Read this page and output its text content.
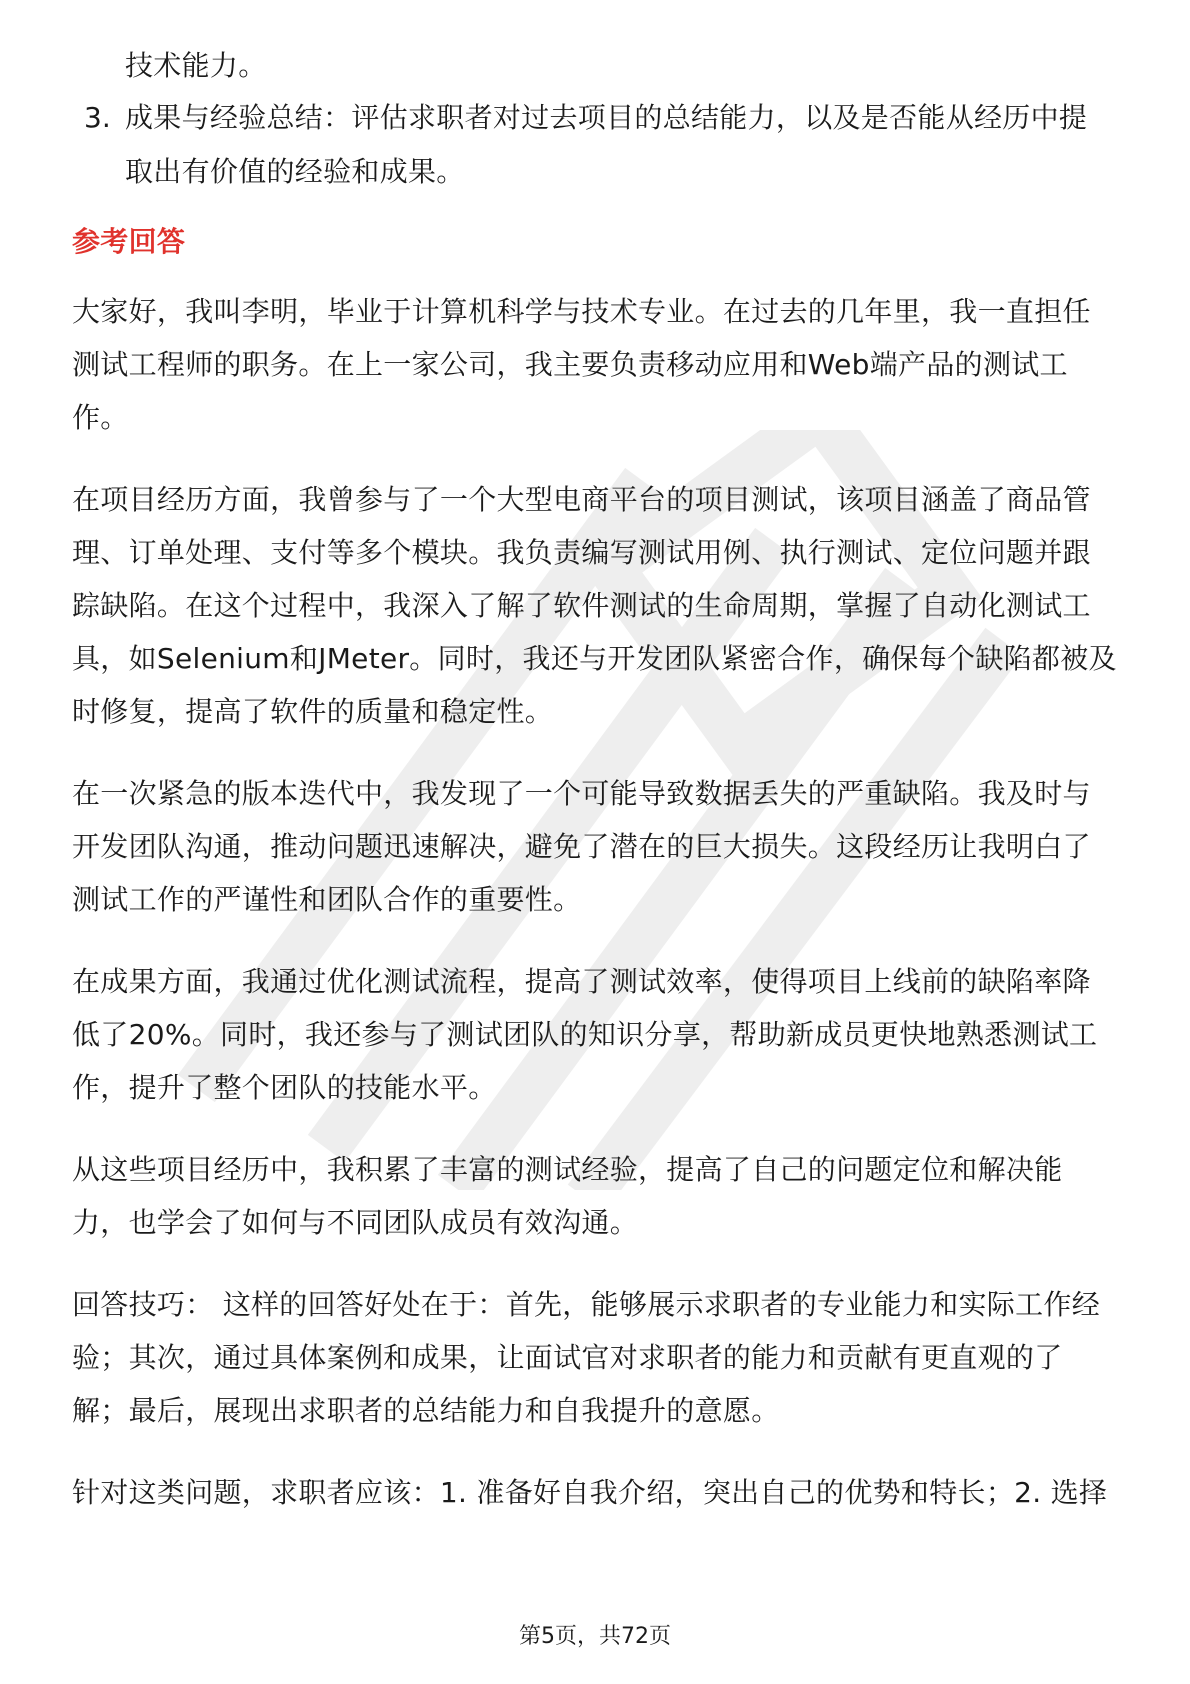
技术能力。
3. 成果与经验总结：评估求职者对过去项目的总结能力，以及是否能从经历中提
取出有价值的经验和成果。
参考回答
大家好，我叫李明，毕业于计算机科学与技术专业。在过去的几年里，我一直担任
测试工程师的职务。在上一家公司，我主要负责移动应用和Web端产品的测试工
作。
在项目经历方面，我曾参与了一个大型电商平台的项目测试，该项目涵盖了商品管
理、订单处理、支付等多个模块。我负责编写测试用例、执行测试、定位问题并跟
踪缺陷。在这个过程中，我深入了解了软件测试的生命周期，掌握了自动化测试工
具，如Selenium和JMeter。同时，我还与开发团队紧密合作，确保每个缺陷都被及
时修复，提高了软件的质量和稳定性。
在一次紧急的版本迭代中，我发现了一个可能导致数据丢失的严重缺陷。我及时与
开发团队沟通，推动问题迅速解决，避免了潜在的巨大损失。这段经历让我明白了
测试工作的严谨性和团队合作的重要性。
在成果方面，我通过优化测试流程，提高了测试效率，使得项目上线前的缺陷率降
低了20%。同时，我还参与了测试团队的知识分享，帮助新成员更快地熟悉测试工
作，提升了整个团队的技能水平。
从这些项目经历中，我积累了丰富的测试经验，提高了自己的问题定位和解决能
力，也学会了如何与不同团队成员有效沟通。
回答技巧： 这样的回答好处在于：首先，能够展示求职者的专业能力和实际工作经
验；其次，通过具体案例和成果，让面试官对求职者的能力和贡献有更直观的了
解；最后，展现出求职者的总结能力和自我提升的意愿。
针对这类问题，求职者应该：1. 准备好自我介绍，突出自己的优势和特长；2. 选择
第5页，共72页
